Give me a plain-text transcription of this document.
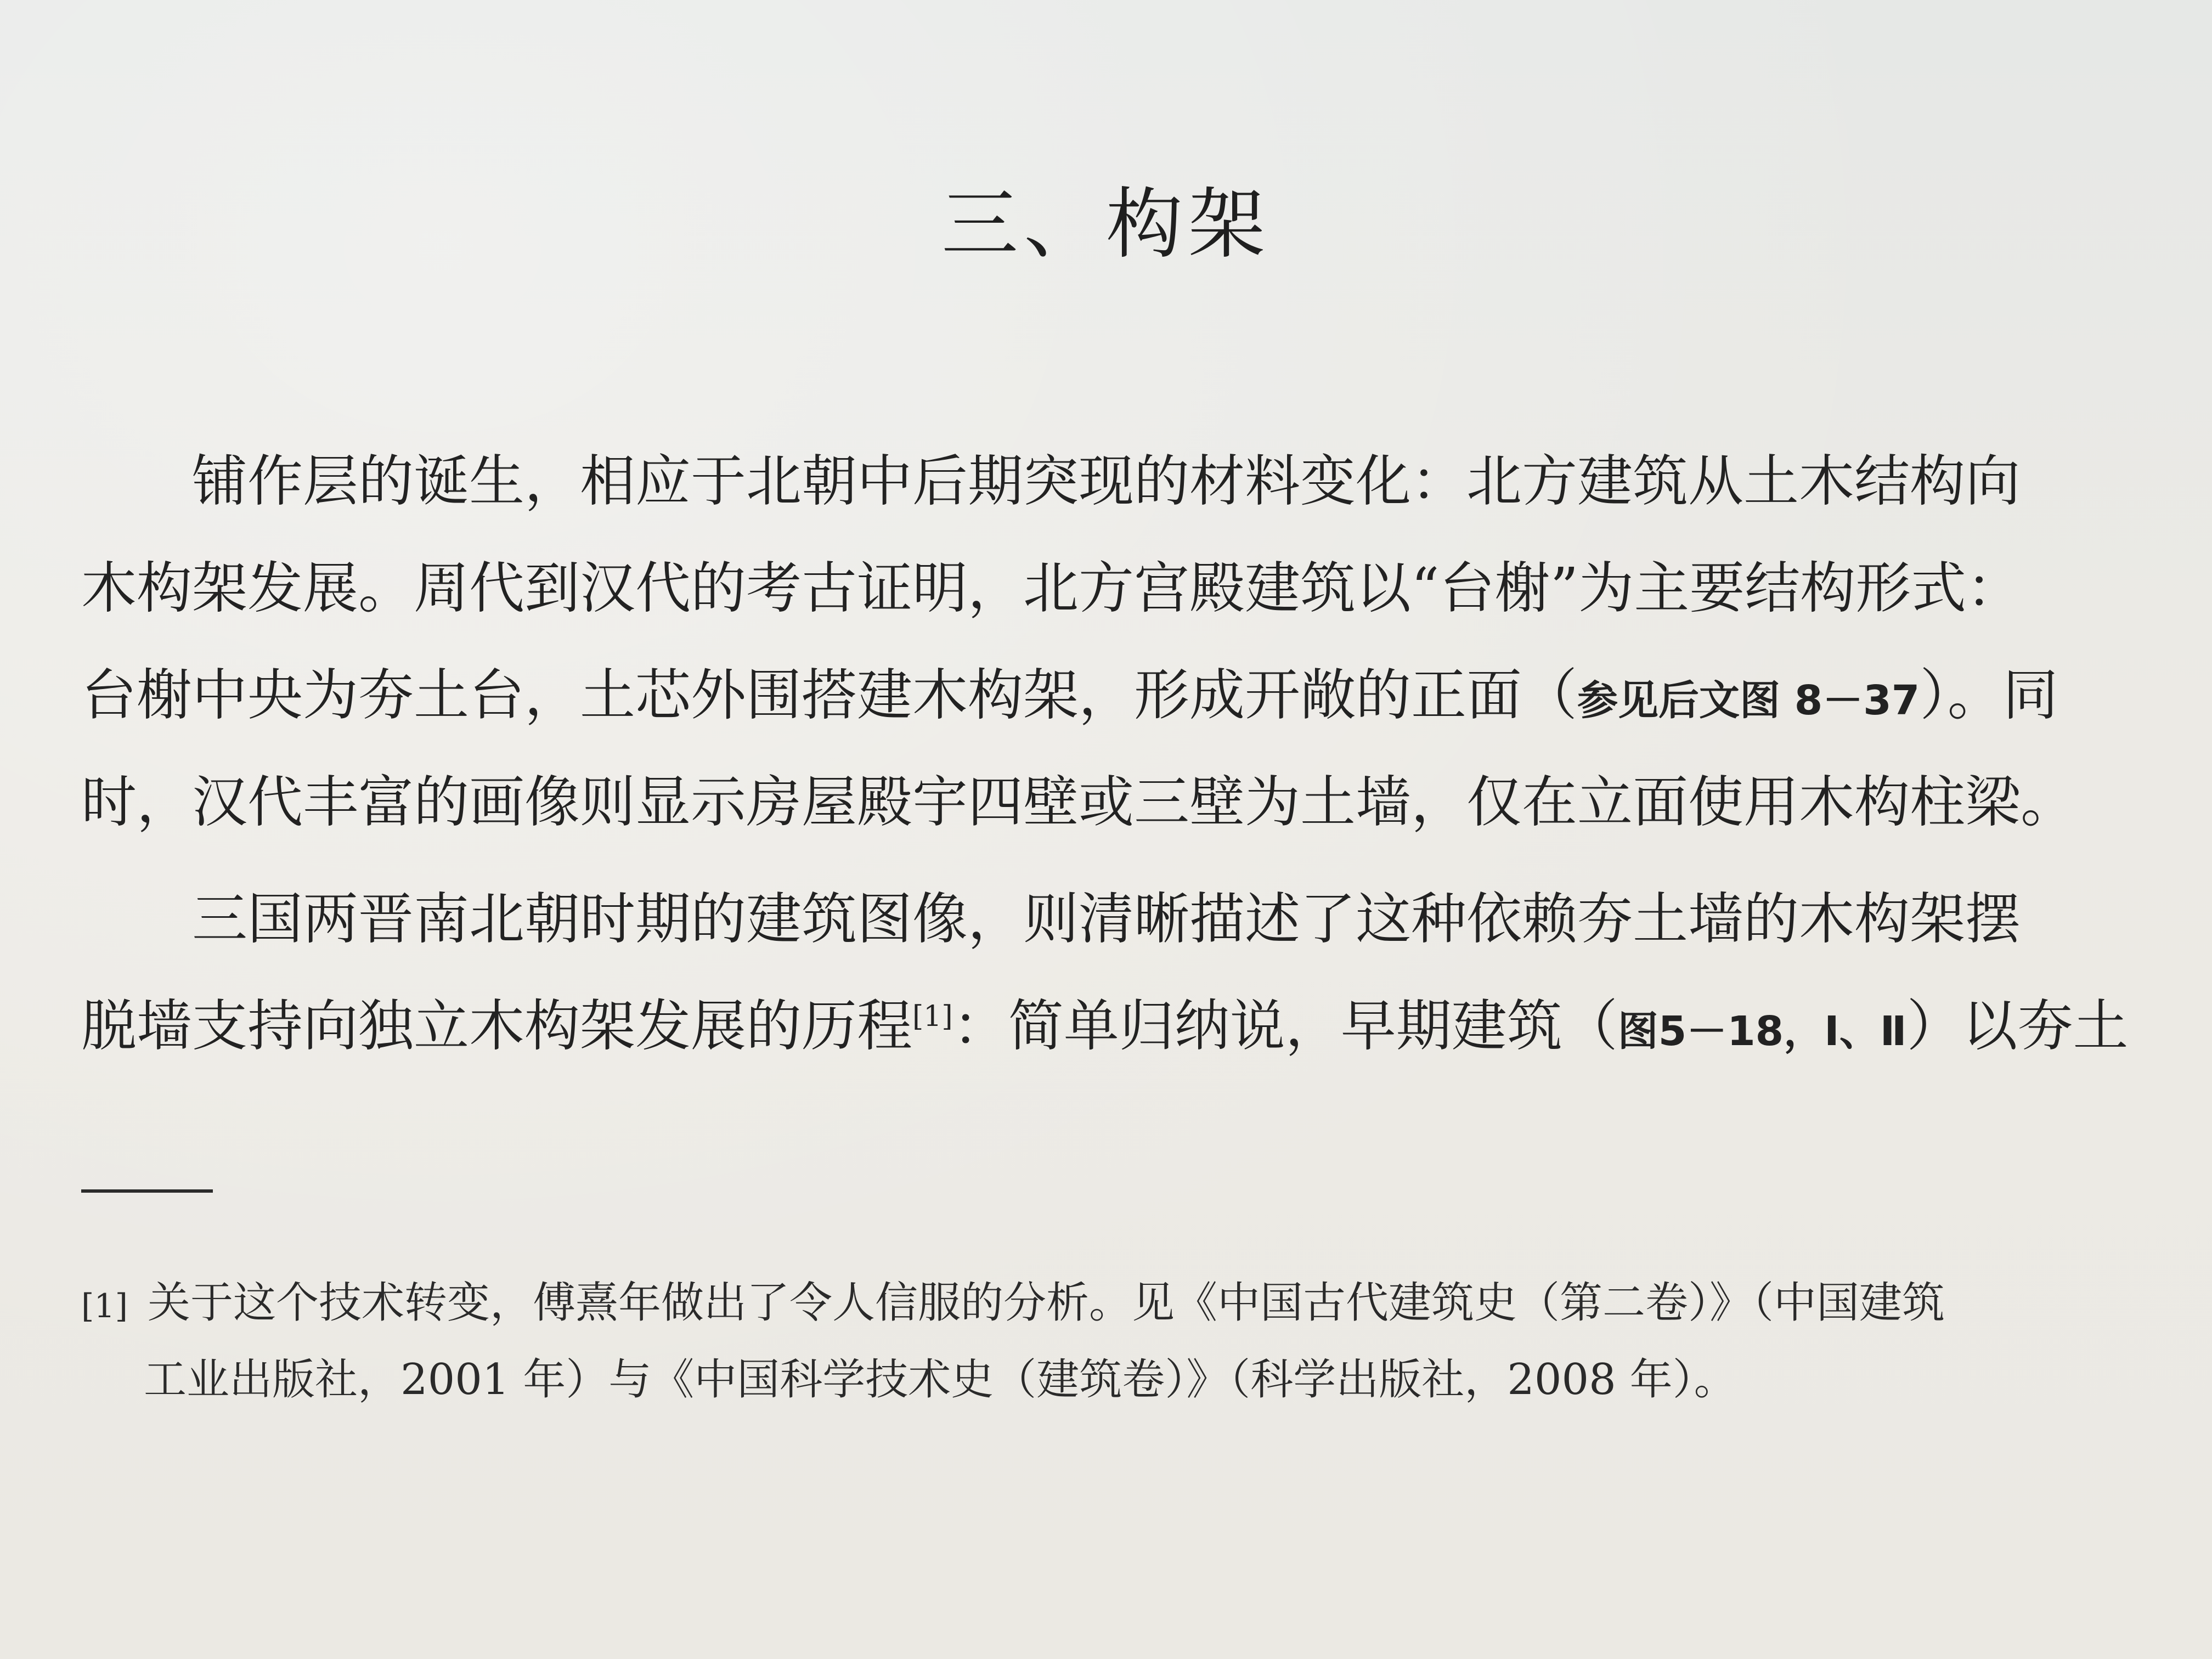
三、构架
铺作层的诞生，相应于北朝中后期突现的材料变化：北方建筑从土木结构向
木构架发展。周代到汉代的考古证明，北方宫殿建筑以“台榭”为主要结构形式：
台榭中央为夯土台，土芯外围搭建木构架，形成开敞的正面（参见后文图 8－37）。同
时，汉代丰富的画像则显示房屋殿宇四壁或三壁为土墙，仅在立面使用木构柱梁。
三国两晋南北朝时期的建筑图像，则清晰描述了这种依赖夯土墙的木构架摆
脱墙支持向独立木构架发展的历程[1]：简单归纳说，早期建筑（图5－18，Ⅰ、Ⅱ）以夯土
[1] 关于这个技术转变，傅熹年做出了令人信服的分析。见《中国古代建筑史（第二卷）》（中国建筑
工业出版社，2001 年）与《中国科学技术史（建筑卷）》（科学出版社，2008 年）。
